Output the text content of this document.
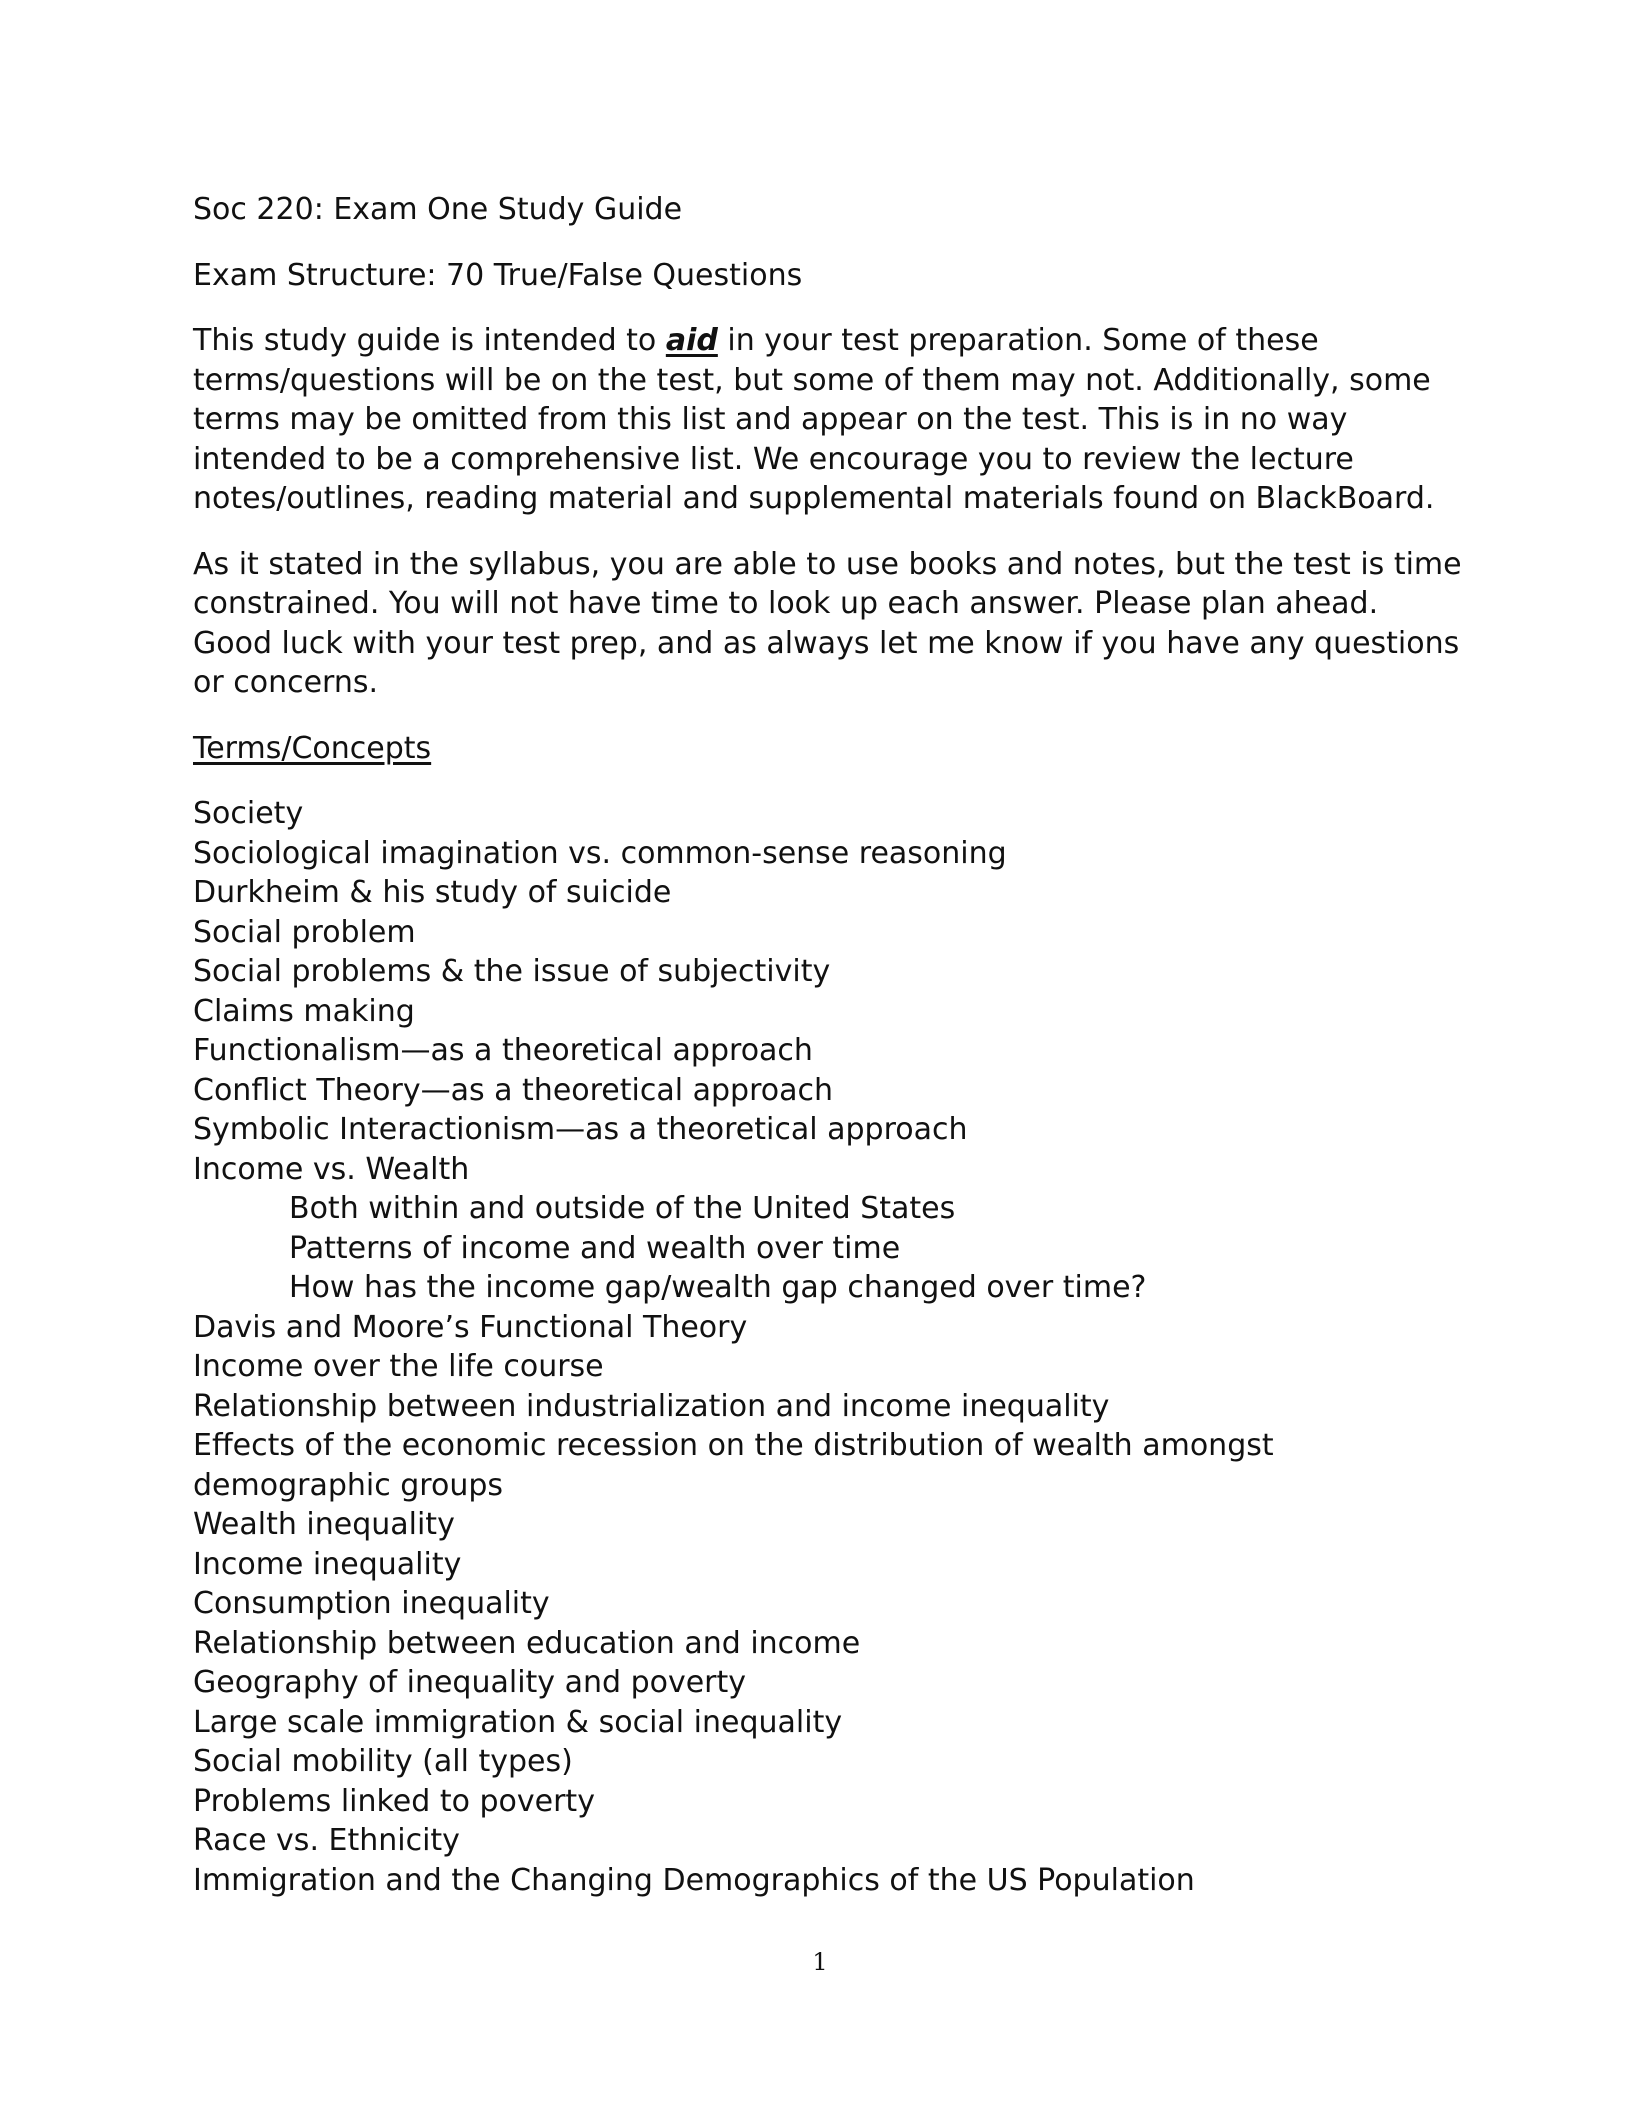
Soc 220: Exam One Study Guide

Exam Structure: 70 True/False Questions

This study guide is intended to aid in your test preparation. Some of these terms/questions will be on the test, but some of them may not. Additionally, some terms may be omitted from this list and appear on the test. This is in no way intended to be a comprehensive list. We encourage you to review the lecture notes/outlines, reading material and supplemental materials found on BlackBoard.

As it stated in the syllabus, you are able to use books and notes, but the test is time constrained. You will not have time to look up each answer. Please plan ahead. Good luck with your test prep, and as always let me know if you have any questions or concerns.

Terms/Concepts

Society
Sociological imagination vs. common-sense reasoning
Durkheim & his study of suicide
Social problem
Social problems & the issue of subjectivity
Claims making
Functionalism—as a theoretical approach
Conflict Theory—as a theoretical approach
Symbolic Interactionism—as a theoretical approach
Income vs. Wealth
Both within and outside of the United States
Patterns of income and wealth over time
How has the income gap/wealth gap changed over time?
Davis and Moore’s Functional Theory
Income over the life course
Relationship between industrialization and income inequality
Effects of the economic recession on the distribution of wealth amongst demographic groups
Wealth inequality
Income inequality
Consumption inequality
Relationship between education and income
Geography of inequality and poverty
Large scale immigration & social inequality
Social mobility (all types)
Problems linked to poverty
Race vs. Ethnicity
Immigration and the Changing Demographics of the US Population
1
